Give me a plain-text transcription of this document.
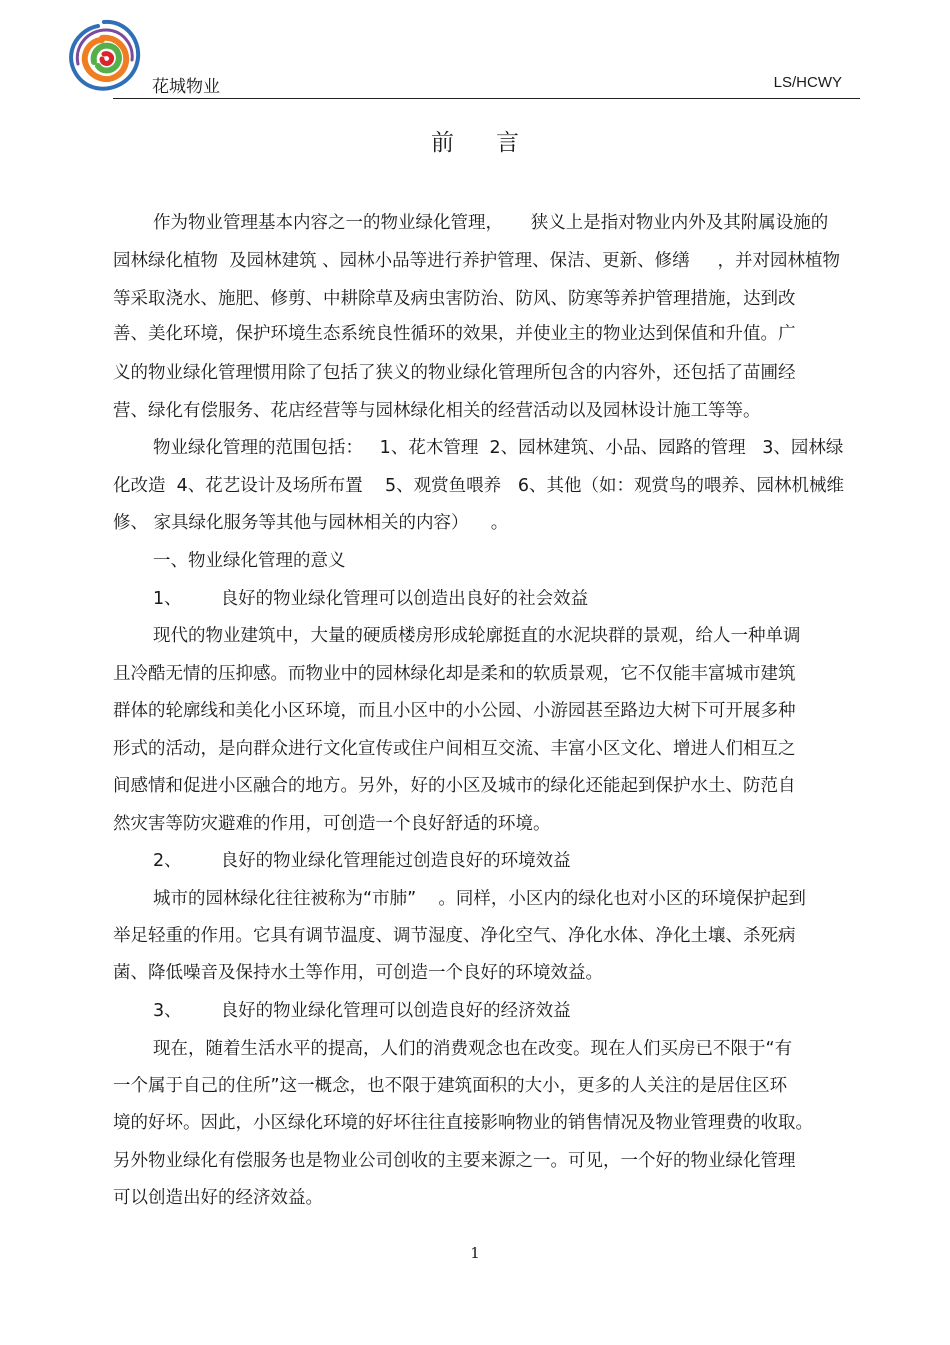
花城物业	LS/HCWY
前言
作为物业管理基本内容之一的物业绿化管理，     狭义上是指对物业内外及其附属设施的
园林绿化植物  及园林建筑 、园林小品等进行养护管理、保洁、更新、修缮     ，并对园林植物
等采取浇水、施肥、修剪、中耕除草及病虫害防治、防风、防寒等养护管理措施，达到改
善、美化环境，保护环境生态系统良性循环的效果，并使业主的物业达到保值和升值。广
义的物业绿化管理惯用除了包括了狭义的物业绿化管理所包含的内容外，还包括了苗圃经
营、绿化有偿服务、花店经营等与园林绿化相关的经营活动以及园林设计施工等等。
物业绿化管理的范围包括：   1、花木管理  2、园林建筑、小品、园路的管理   3、园林绿
化改造  4、花艺设计及场所布置    5、观赏鱼喂养   6、其他（如：观赏鸟的喂养、园林机械维
修、 家具绿化服务等其他与园林相关的内容）    。
一、物业绿化管理的意义
1、       良好的物业绿化管理可以创造出良好的社会效益
现代的物业建筑中，大量的硬质楼房形成轮廓挺直的水泥块群的景观，给人一种单调
且冷酷无情的压抑感。而物业中的园林绿化却是柔和的软质景观，它不仅能丰富城市建筑
群体的轮廓线和美化小区环境，而且小区中的小公园、小游园甚至路边大树下可开展多种
形式的活动，是向群众进行文化宣传或住户间相互交流、丰富小区文化、增进人们相互之
间感情和促进小区融合的地方。另外，好的小区及城市的绿化还能起到保护水土、防范自
然灾害等防灾避难的作用，可创造一个良好舒适的环境。
2、       良好的物业绿化管理能过创造良好的环境效益
城市的园林绿化往往被称为“市肺”    。同样，小区内的绿化也对小区的环境保护起到
举足轻重的作用。它具有调节温度、调节湿度、净化空气、净化水体、净化土壤、杀死病
菌、降低噪音及保持水土等作用，可创造一个良好的环境效益。
3、       良好的物业绿化管理可以创造良好的经济效益
现在，随着生活水平的提高，人们的消费观念也在改变。现在人们买房已不限于“有
一个属于自己的住所”这一概念，也不限于建筑面积的大小，更多的人关注的是居住区环
境的好坏。因此，小区绿化环境的好坏往往直接影响物业的销售情况及物业管理费的收取。
另外物业绿化有偿服务也是物业公司创收的主要来源之一。可见，一个好的物业绿化管理
可以创造出好的经济效益。
1
